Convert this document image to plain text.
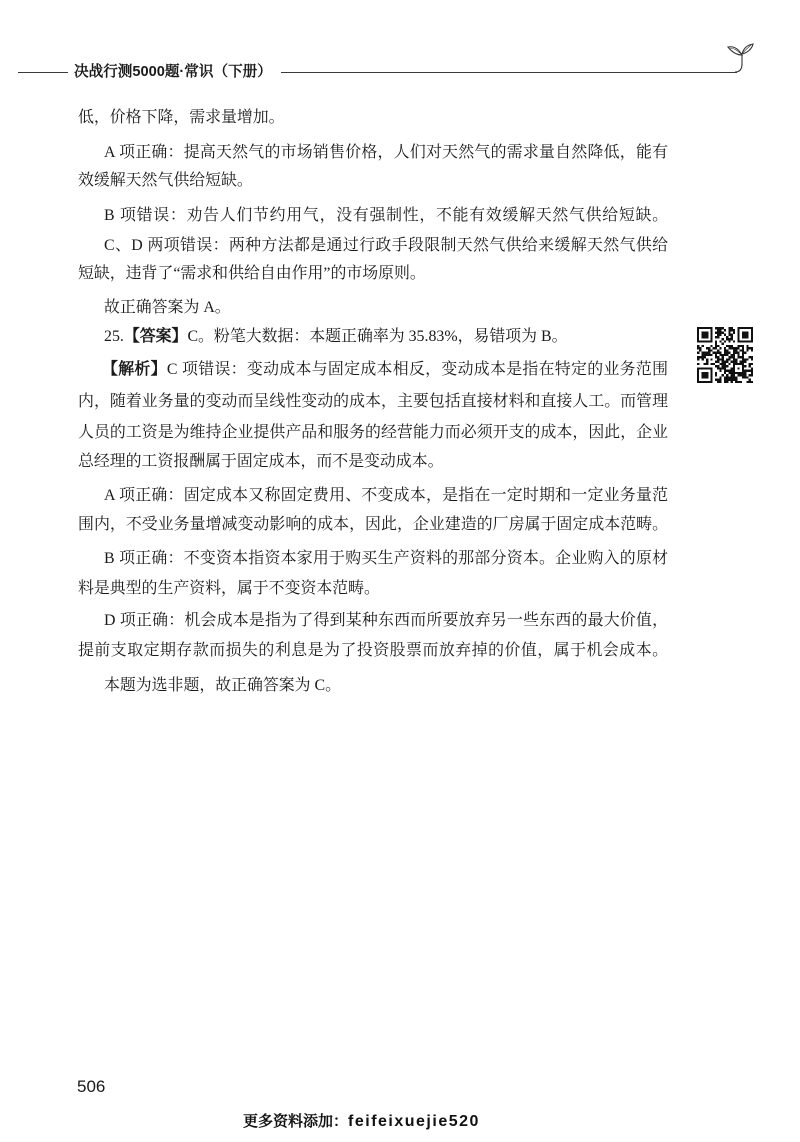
决战行测5000题·常识（下册）
低，价格下降，需求量增加。
A 项正确：提高天然气的市场销售价格，人们对天然气的需求量自然降低，能有
效缓解天然气供给短缺。
B 项错误：劝告人们节约用气，没有强制性，不能有效缓解天然气供给短缺。
C、D 两项错误：两种方法都是通过行政手段限制天然气供给来缓解天然气供给
短缺，违背了“需求和供给自由作用”的市场原则。
故正确答案为 A。
25.【答案】C。粉笔大数据：本题正确率为 35.83%，易错项为 B。
【解析】C 项错误：变动成本与固定成本相反，变动成本是指在特定的业务范围
内，随着业务量的变动而呈线性变动的成本，主要包括直接材料和直接人工。而管理
人员的工资是为维持企业提供产品和服务的经营能力而必须开支的成本，因此，企业
总经理的工资报酬属于固定成本，而不是变动成本。
A 项正确：固定成本又称固定费用、不变成本，是指在一定时期和一定业务量范
围内，不受业务量增减变动影响的成本，因此，企业建造的厂房属于固定成本范畴。
B 项正确：不变资本指资本家用于购买生产资料的那部分资本。企业购入的原材
料是典型的生产资料，属于不变资本范畴。
D 项正确：机会成本是指为了得到某种东西而所要放弃另一些东西的最大价值，
提前支取定期存款而损失的利息是为了投资股票而放弃掉的价值，属于机会成本。
本题为选非题，故正确答案为 C。
506
更多资料添加：feifeixuejie520
